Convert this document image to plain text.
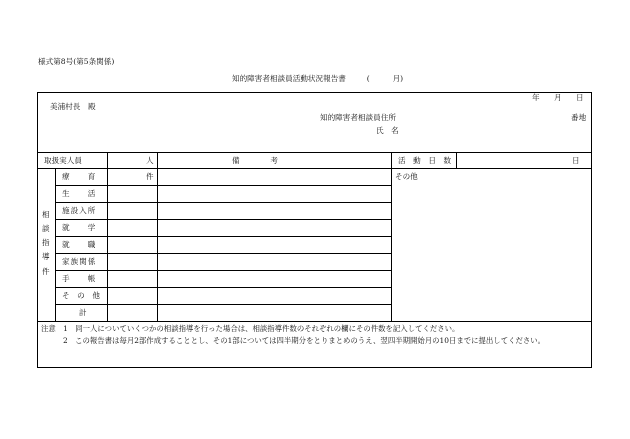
様式第8号(第5条関係)
知的障害者相談員活動状況報告書	(	月)
年 月 日
美浦村長　殿
知的障害者相談員住所	番地
氏　名
取扱実人員	人	備　　　考	活　動　日　数	日
相
談
指
導
件
療　　育	件
生　　活
施設入所
就　　学
就　　職
家族関係
手　　帳
そ　の　他
計
その他
注意　1　同一人についていくつかの相談指導を行った場合は、相談指導件数のそれぞれの欄にその件数を記入してください。
2　この報告書は毎月2部作成することとし、その1部については四半期分をとりまとめのうえ、翌四半期開始月の10日までに提出してください。
